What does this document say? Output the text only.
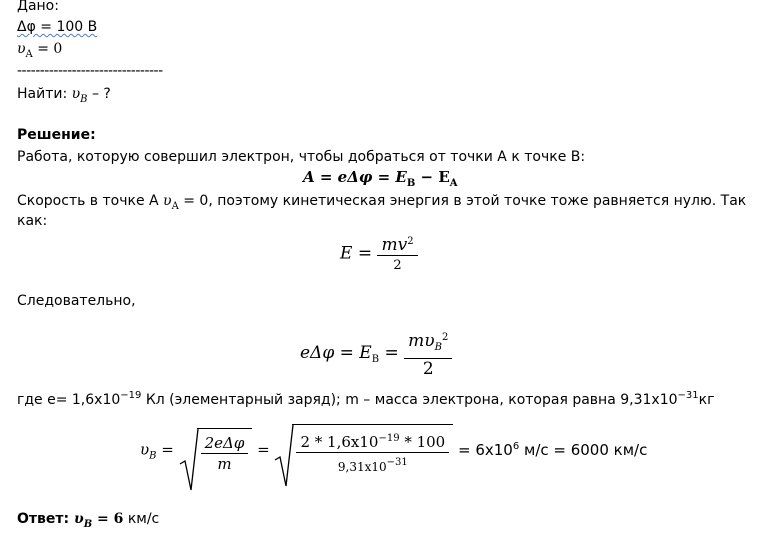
Дано:
Δφ = 100 В
$\upsilon_A = 0$
--------------------------------
Найти: $\upsilon_B$ – ?
Решение:
Работа, которую совершил электрон, чтобы добраться от точки А к точке В:
$A = e\Delta\varphi = E_B - E_A$
Скорость в точке А $\upsilon_A = 0$, поэтому кинетическая энергия в этой точке тоже равняется нулю. Так
как:
$E = \frac{mv^2}{2}$
Следовательно,
$e\Delta\varphi = E_B = \frac{m\upsilon_B^2}{2}$
где $е= 1,6x10^{-19}$ Кл (элементарный заряд); m – масса электрона, которая равна $9,31x10^{-31}кг$
$\upsilon_B = \frac{\text{2eΔφ}}{m} = \frac{2 * 1,6x10^{-19} * 100}{9,31x10^{-31}} = 6x10^6$ м/с = 6000 км/с
Ответ: $\upsilon_B = 6$ км/с
